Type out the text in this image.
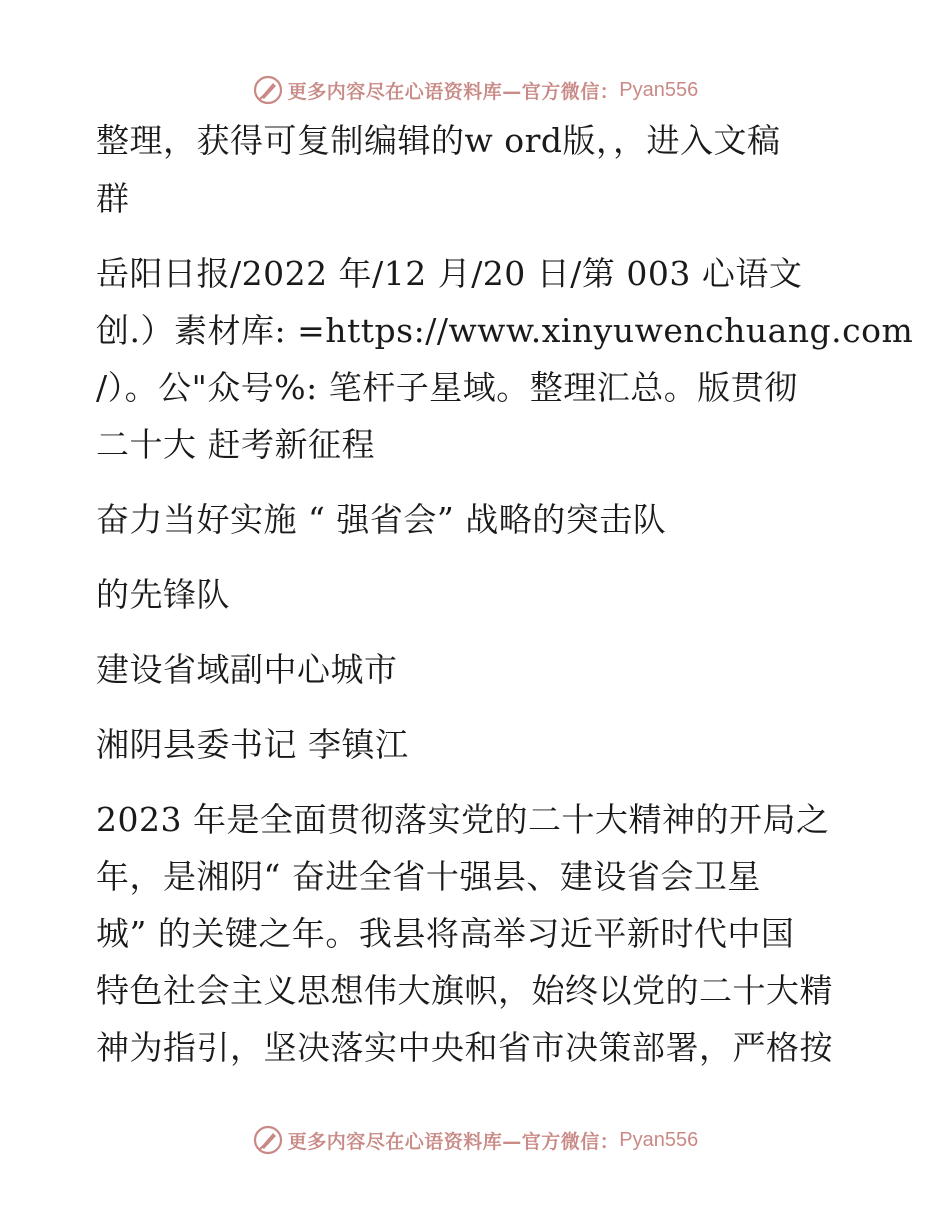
更多内容尽在心语资料库—官方微信： Pyan556
整理，获得可复制编辑的w ord版，，进入文稿
群
岳阳日报/2022 年/12 月/20 日/第 003 心语文
创.）素材库: =https://www.xinyuwenchuang.com
/）。公"众号%: 笔杆子星域。整理汇总。版贯彻
二十大 赶考新征程
奋力当好实施 “ 强省会” 战略的突击队
的先锋队
建设省域副中心城市
湘阴县委书记 李镇江
2023 年是全面贯彻落实党的二十大精神的开局之
年，是湘阴“ 奋进全省十强县、建设省会卫星
城” 的关键之年。我县将高举习近平新时代中国
特色社会主义思想伟大旗帜，始终以党的二十大精
神为指引，坚决落实中央和省市决策部署，严格按
更多内容尽在心语资料库—官方微信： Pyan556
